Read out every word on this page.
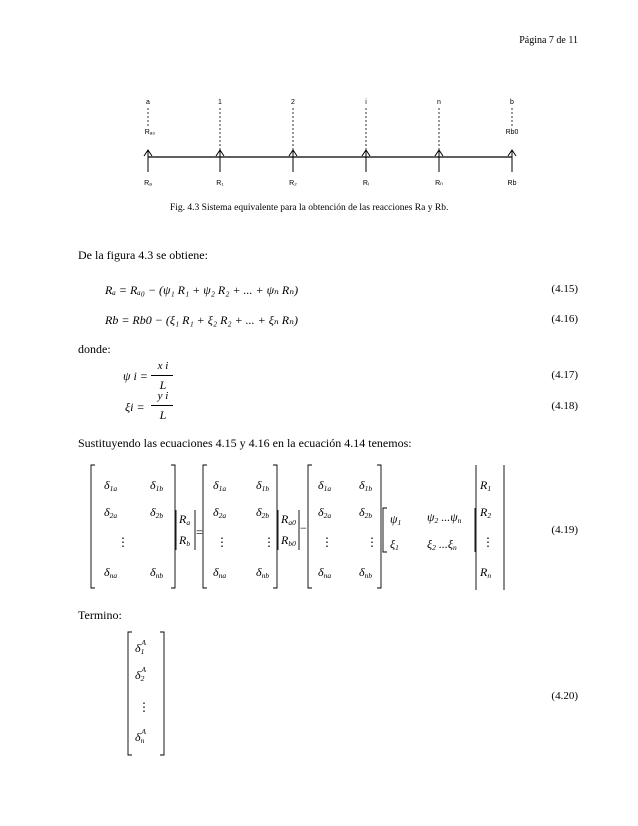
Página 7 de 11
a	1	2	i	n	b
Rₐ₀	Rb0
Rₐ	R₁	R₂	Rᵢ	Rₙ	Rb
Fig. 4.3 Sistema equivalente para la obtención de las reacciones Ra y Rb.
De la figura 4.3 se obtiene:
Rₐ = Rₐ₀ − (ψ₁ R₁ + ψ₂ R₂ + ... + ψₙ Rₙ)	(4.15)
Rb = Rb0 − (ξ₁ R₁ + ξ₂ R₂ + ... + ξₙ Rₙ)	(4.16)
donde:
ψ i =
x i
L
(4.17)
ξi =
y i
L
(4.18)
Sustituyendo las ecuaciones 4.15 y 4.16 en la ecuación 4.14 tenemos:
δ1a	δ1b
δ2a	δ2b
⋮
δna	δnb
Ra
Rb
=
δ1a δ1b
δ2a δ2b
⋮	⋮
δna δnb
Ra0
Rb0
−
δ1a δ1b
δ2a δ2b
⋮	⋮
δna δnb
ψ1 ψ2 ...ψn
ξ1 ξ2 ...ξn
R1
R2
⋮
Rn
δ1A
δ2A
⋮
δnA
(4.19)
Termino:
(4.20)
